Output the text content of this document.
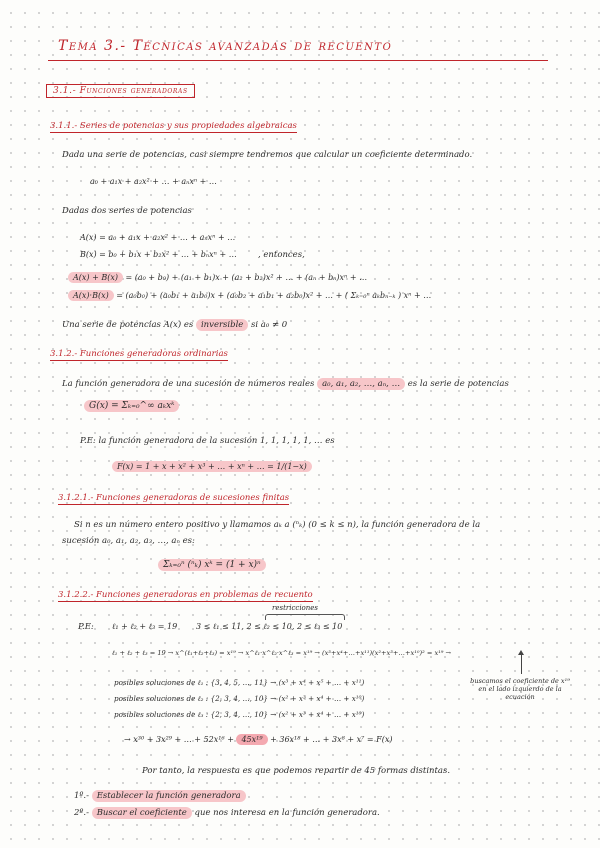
Tema 3.- Técnicas avanzadas de recuento
3.1.- Funciones generadoras
3.1.1.- Series de potencias y sus propiedades algebraicas
Dada una serie de potencias, casi siempre tendremos que calcular un coeficiente determinado.
a₀ + a₁x + a₂x² + … + aₙxⁿ + …
Dadas dos series de potencias
A(x) = a₀ + a₁x + a₂x² + … + aₙxⁿ + …
B(x) = b₀ + b₁x + b₂x² + … + bₙxⁿ + …	, entonces,
A(x) + B(x) = (a₀ + b₀) + (a₁ + b₁)x + (a₂ + b₂)x² + … + (aₙ + bₙ)xⁿ + …
A(x)·B(x) = (a₀b₀) + (a₀b₁ + a₁b₀)x + (a₀b₂ + a₁b₁ + a₂b₀)x² + … + ( Σₖ₌₀ⁿ aₖbₙ₋ₖ ) xⁿ + …
Una serie de potencias A(x) es inversible si a₀ ≠ 0
3.1.2.- Funciones generadoras ordinarias
La función generadora de una sucesión de números reales a₀, a₁, a₂, …, aₙ, … es la serie de potencias
G(x) = Σₖ₌₀^∞ aₖxᵏ
P.E: la función generadora de la sucesión 1, 1, 1, 1, 1, … es
F(x) = 1 + x + x² + x³ + … + xⁿ + … = 1/(1−x)
3.1.2.1.- Funciones generadoras de sucesiones finitas
Si n es un número entero positivo y llamamos aₖ a (ⁿₖ) (0 ≤ k ≤ n), la función generadora de la
sucesión a₀, a₁, a₂, a₃, …, aₙ es:
Σₖ₌₀ⁿ (ⁿₖ) xᵏ = (1 + x)ⁿ
3.1.2.2.- Funciones generadoras en problemas de recuento
restricciones
P.E: ℓ₁ + ℓ₂ + ℓ₃ = 19 3 ≤ ℓ₁ ≤ 11, 2 ≤ ℓ₂ ≤ 10, 2 ≤ ℓ₃ ≤ 10
ℓ₁ + ℓ₂ + ℓ₃ = 19 → x^(ℓ₁+ℓ₂+ℓ₃) = x¹⁹ → x^ℓ₁·x^ℓ₂·x^ℓ₃ = x¹⁹ → (x³+x⁴+…+x¹¹)(x²+x³+…+x¹⁰)² = x¹⁹ →
posibles soluciones de ℓ₁ : {3, 4, 5, …, 11} → (x³ + x⁴ + x⁵ + … + x¹¹)
posibles soluciones de ℓ₂ : {2, 3, 4, …, 10} → (x² + x³ + x⁴ + … + x¹⁰)
posibles soluciones de ℓ₃ : {2, 3, 4, …, 10} → (x² + x³ + x⁴ + … + x¹⁰)
buscamos el coeficiente de x¹⁹ en el lado izquierdo de la ecuación
→ x³⁰ + 3x²⁹ + … + 52x¹⁶ + 45x¹⁹ + 36x¹⁸ + … + 3x⁸ + x⁷ = F(x)
Por tanto, la respuesta es que podemos repartir de 45 formas distintas.
1º.- Establecer la función generadora
2º.- Buscar el coeficiente que nos interesa en la función generadora.
